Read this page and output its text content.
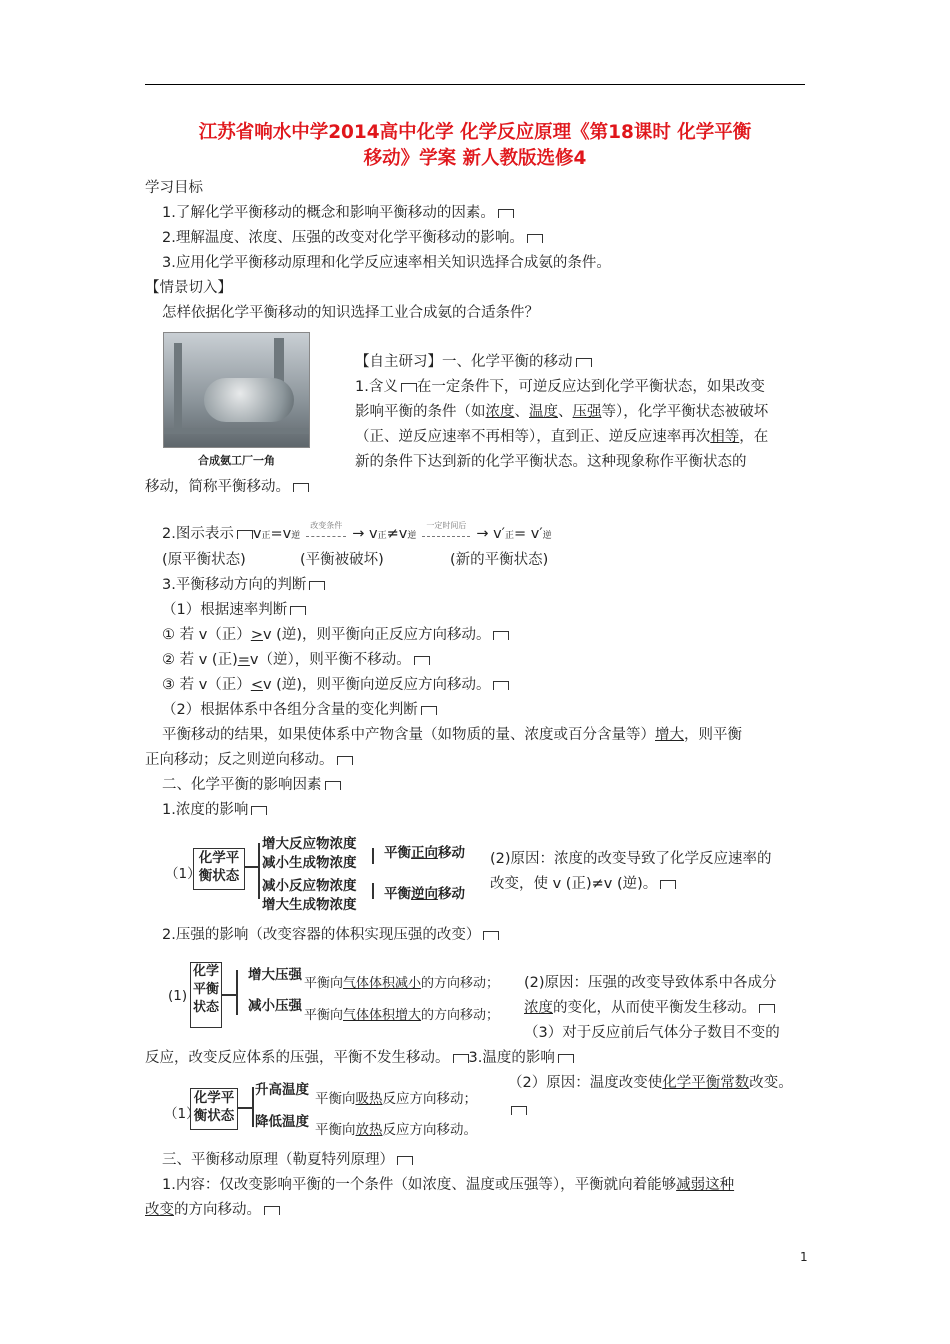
江苏省响水中学2014高中化学 化学反应原理《第18课时 化学平衡
移动》学案 新人教版选修4
学习目标
1.了解化学平衡移动的概念和影响平衡移动的因素。
2.理解温度、浓度、压强的改变对化学平衡移动的影响。
3.应用化学平衡移动原理和化学反应速率相关知识选择合成氨的条件。
【情景切入】
怎样依据化学平衡移动的知识选择工业合成氨的合适条件？
合成氨工厂一角
【自主研习】一、化学平衡的移动
1.含义 在一定条件下，可逆反应达到化学平衡状态，如果改变
影响平衡的条件（如浓度、温度、压强等），化学平衡状态被破坏
（正、逆反应速率不再相等），直到正、逆反应速率再次相等，在
新的条件下达到新的化学平衡状态。这种现象称作平衡状态的
移动，简称平衡移动。
2.图示表示 v正=v逆改变条件→ v正≠v逆一定时间后→ v′正= v′逆
(原平衡状态)	(平衡被破坏)	(新的平衡状态)
3.平衡移动方向的判断
（1）根据速率判断
① 若 v（正）>v (逆)，则平衡向正反应方向移动。
② 若 v (正)=v（逆），则平衡不移动。
③ 若 v（正）<v (逆)，则平衡向逆反应方向移动。
（2）根据体系中各组分含量的变化判断
平衡移动的结果，如果使体系中产物含量（如物质的量、浓度或百分含量等）增大，则平衡
正向移动；反之则逆向移动。
二、化学平衡的影响因素
1.浓度的影响
（1）
化学平衡状态
增大反应物浓度
减小生成物浓度
减小反应物浓度
增大生成物浓度
平衡正向移动
平衡逆向移动
(2)原因：浓度的改变导致了化学反应速率的
改变，使 v (正)≠v (逆)。
2.压强的影响（改变容器的体积实现压强的改变）
(1)
化学平衡状态
增大压强
减小压强
平衡向气体体积减小的方向移动；
平衡向气体体积增大的方向移动；
(2)原因：压强的改变导致体系中各成分
浓度的变化，从而使平衡发生移动。
（3）对于反应前后气体分子数目不变的
反应，改变反应体系的压强，平衡不发生移动。 3.温度的影响
（1）
化学平衡状态
升高温度
降低温度
平衡向吸热反应方向移动；
平衡向放热反应方向移动。
（2）原因：温度改变使化学平衡常数改变。
三、平衡移动原理（勒夏特列原理）
1.内容：仅改变影响平衡的一个条件（如浓度、温度或压强等），平衡就向着能够减弱这种
改变的方向移动。
1
